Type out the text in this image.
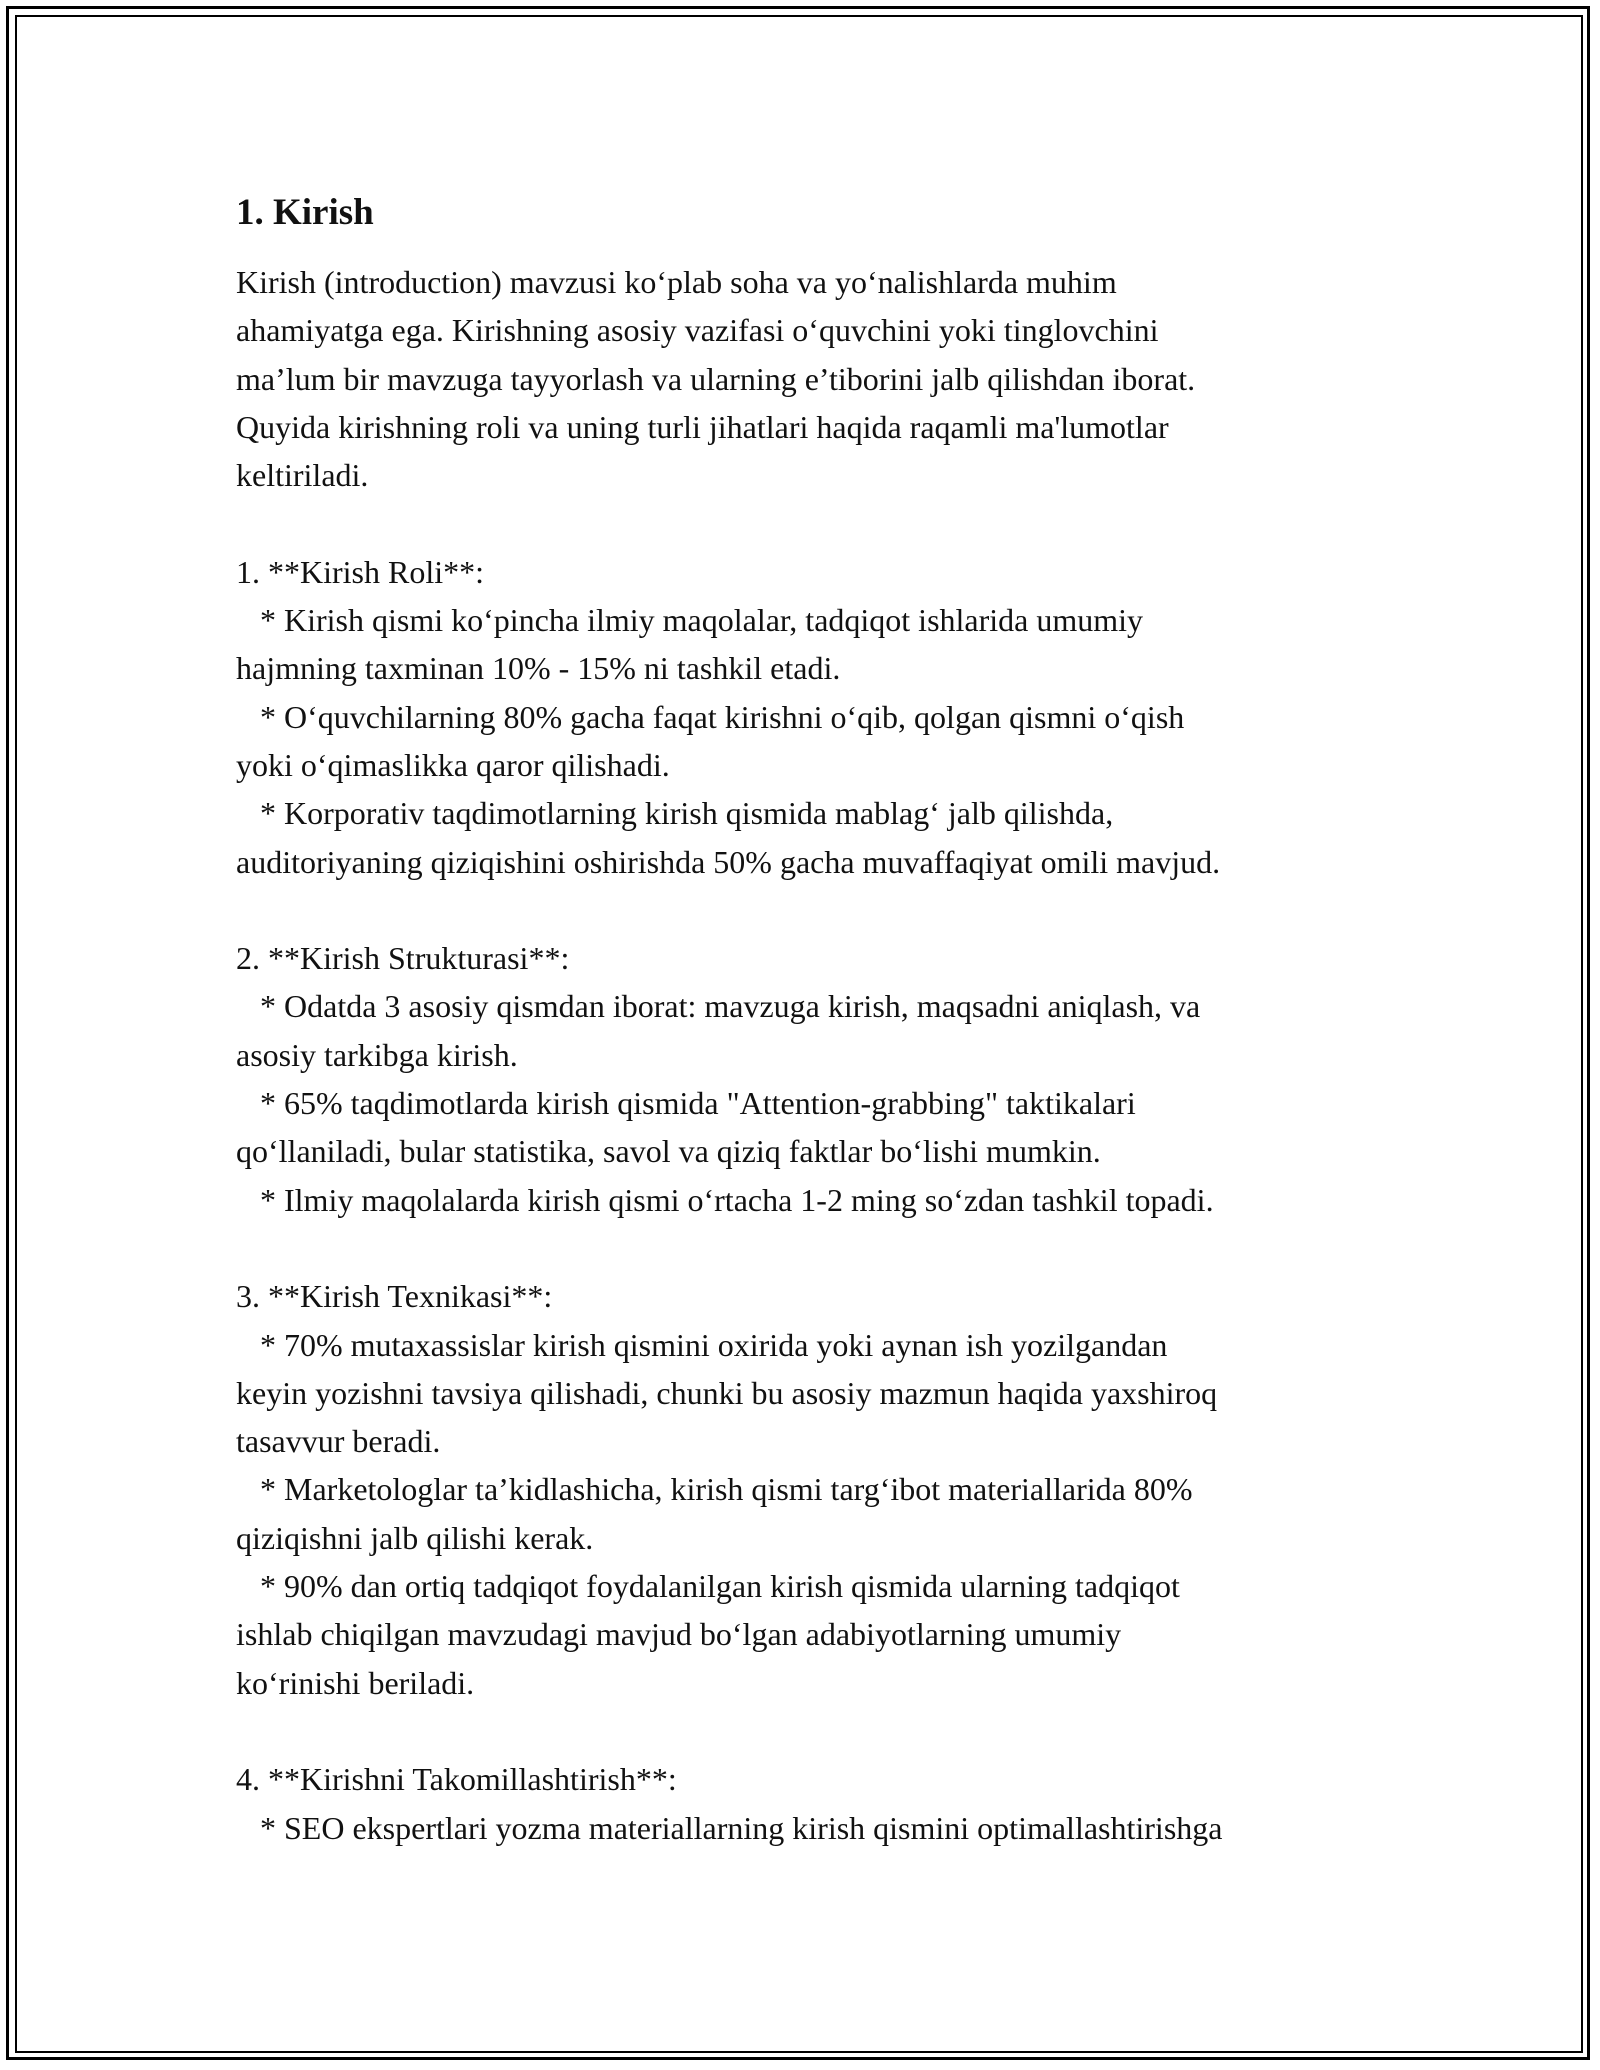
1. Kirish
Kirish (introduction) mavzusi ko‘plab soha va yo‘nalishlarda muhim
ahamiyatga ega. Kirishning asosiy vazifasi o‘quvchini yoki tinglovchini
ma’lum bir mavzuga tayyorlash va ularning e’tiborini jalb qilishdan iborat.
Quyida kirishning roli va uning turli jihatlari haqida raqamli ma'lumotlar
keltiriladi.
1. **Kirish Roli**:
* Kirish qismi ko‘pincha ilmiy maqolalar, tadqiqot ishlarida umumiy
hajmning taxminan 10% - 15% ni tashkil etadi.
* O‘quvchilarning 80% gacha faqat kirishni o‘qib, qolgan qismni o‘qish
yoki o‘qimaslikka qaror qilishadi.
* Korporativ taqdimotlarning kirish qismida mablag‘ jalb qilishda,
auditoriyaning qiziqishini oshirishda 50% gacha muvaffaqiyat omili mavjud.
2. **Kirish Strukturasi**:
* Odatda 3 asosiy qismdan iborat: mavzuga kirish, maqsadni aniqlash, va
asosiy tarkibga kirish.
* 65% taqdimotlarda kirish qismida "Attention-grabbing" taktikalari
qo‘llaniladi, bular statistika, savol va qiziq faktlar bo‘lishi mumkin.
* Ilmiy maqolalarda kirish qismi o‘rtacha 1-2 ming so‘zdan tashkil topadi.
3. **Kirish Texnikasi**:
* 70% mutaxassislar kirish qismini oxirida yoki aynan ish yozilgandan
keyin yozishni tavsiya qilishadi, chunki bu asosiy mazmun haqida yaxshiroq
tasavvur beradi.
* Marketologlar ta’kidlashicha, kirish qismi targ‘ibot materiallarida 80%
qiziqishni jalb qilishi kerak.
* 90% dan ortiq tadqiqot foydalanilgan kirish qismida ularning tadqiqot
ishlab chiqilgan mavzudagi mavjud bo‘lgan adabiyotlarning umumiy
ko‘rinishi beriladi.
4. **Kirishni Takomillashtirish**:
* SEO ekspertlari yozma materiallarning kirish qismini optimallashtirishga
